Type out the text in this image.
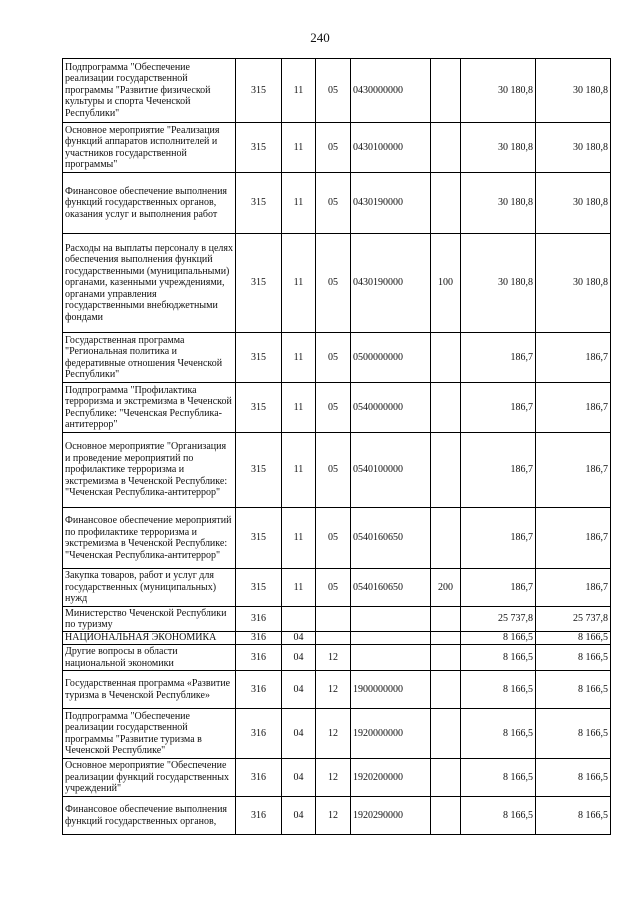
240
Подпрограмма "Обеспечение реализации государственной программы "Развитие физической культуры и спорта Чеченской Республики"	315	11	05	0430000000		30 180,8	30 180,8
Основное мероприятие "Реализация функций аппаратов исполнителей и участников государственной программы"	315	11	05	0430100000		30 180,8	30 180,8
Финансовое обеспечение выполнения функций государственных органов, оказания услуг и выполнения работ	315	11	05	0430190000		30 180,8	30 180,8
Расходы на выплаты персоналу в целях обеспечения выполнения функций государственными (муниципальными) органами, казенными учреждениями, органами управления государственными внебюджетными фондами	315	11	05	0430190000	100	30 180,8	30 180,8
Государственная программа "Региональная политика и федеративные отношения Чеченской Республики"	315	11	05	0500000000		186,7	186,7
Подпрограмма "Профилактика терроризма и экстремизма в Чеченской Республике: "Чеченская Республика-антитеррор"	315	11	05	0540000000		186,7	186,7
Основное мероприятие "Организация и проведение мероприятий по профилактике терроризма и экстремизма в Чеченской Республике: "Чеченская Республика-антитеррор"	315	11	05	0540100000		186,7	186,7
Финансовое обеспечение мероприятий по профилактике терроризма и экстремизма в Чеченской Республике: "Чеченская Республика-антитеррор"	315	11	05	0540160650		186,7	186,7
Закупка товаров, работ и услуг для государственных (муниципальных) нужд	315	11	05	0540160650	200	186,7	186,7
Министерство Чеченской Республики по туризму	316					25 737,8	25 737,8
НАЦИОНАЛЬНАЯ ЭКОНОМИКА	316	04				8 166,5	8 166,5
Другие вопросы в области национальной экономики	316	04	12			8 166,5	8 166,5
Государственная программа «Развитие туризма в Чеченской Республике»	316	04	12	1900000000		8 166,5	8 166,5
Подпрограмма "Обеспечение реализации государственной программы "Развитие туризма в Чеченской Республике"	316	04	12	1920000000		8 166,5	8 166,5
Основное мероприятие "Обеспечение реализации функций государственных учреждений"	316	04	12	1920200000		8 166,5	8 166,5
Финансовое обеспечение выполнения функций государственных органов,	316	04	12	1920290000		8 166,5	8 166,5
